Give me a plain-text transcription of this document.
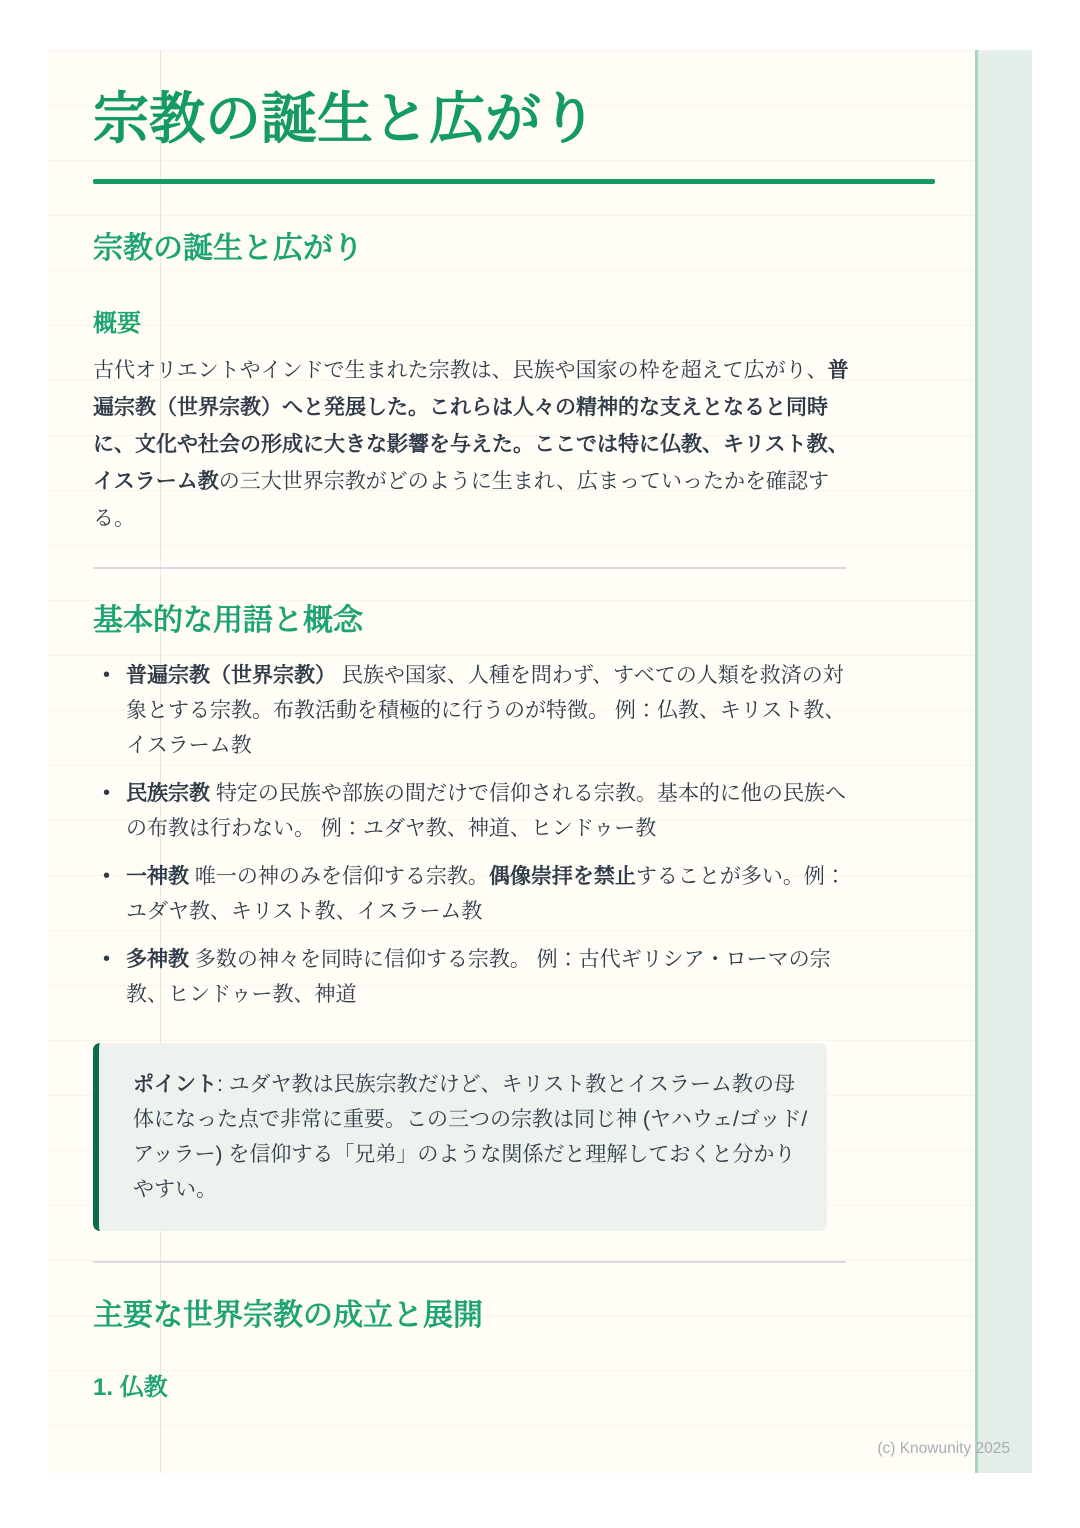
宗教の誕生と広がり
宗教の誕生と広がり
概要

古代オリエントやインドで生まれた宗教は、民族や国家の枠を超えて広がり、普遍宗教（世界宗教）へと発展した。これらは人々の精神的な支えとなると同時に、文化や社会の形成に大きな影響を与えた。ここでは特に仏教、キリスト教、イスラーム教の三大世界宗教がどのように生まれ、広まっていったかを確認する。

基本的な用語と概念
• 普遍宗教（世界宗教） 民族や国家、人種を問わず、すべての人類を救済の対象とする宗教。布教活動を積極的に行うのが特徴。 例：仏教、キリスト教、イスラーム教
• 民族宗教 特定の民族や部族の間だけで信仰される宗教。基本的に他の民族への布教は行わない。 例：ユダヤ教、神道、ヒンドゥー教
• 一神教 唯一の神のみを信仰する宗教。偶像崇拝を禁止することが多い。例：ユダヤ教、キリスト教、イスラーム教
• 多神教 多数の神々を同時に信仰する宗教。 例：古代ギリシア・ローマの宗教、ヒンドゥー教、神道

ポイント: ユダヤ教は民族宗教だけど、キリスト教とイスラーム教の母体になった点で非常に重要。この三つの宗教は同じ神 (ヤハウェ/ゴッド/アッラー) を信仰する「兄弟」のような関係だと理解しておくと分かりやすい。

主要な世界宗教の成立と展開
1. 仏教
(c) Knowunity 2025
